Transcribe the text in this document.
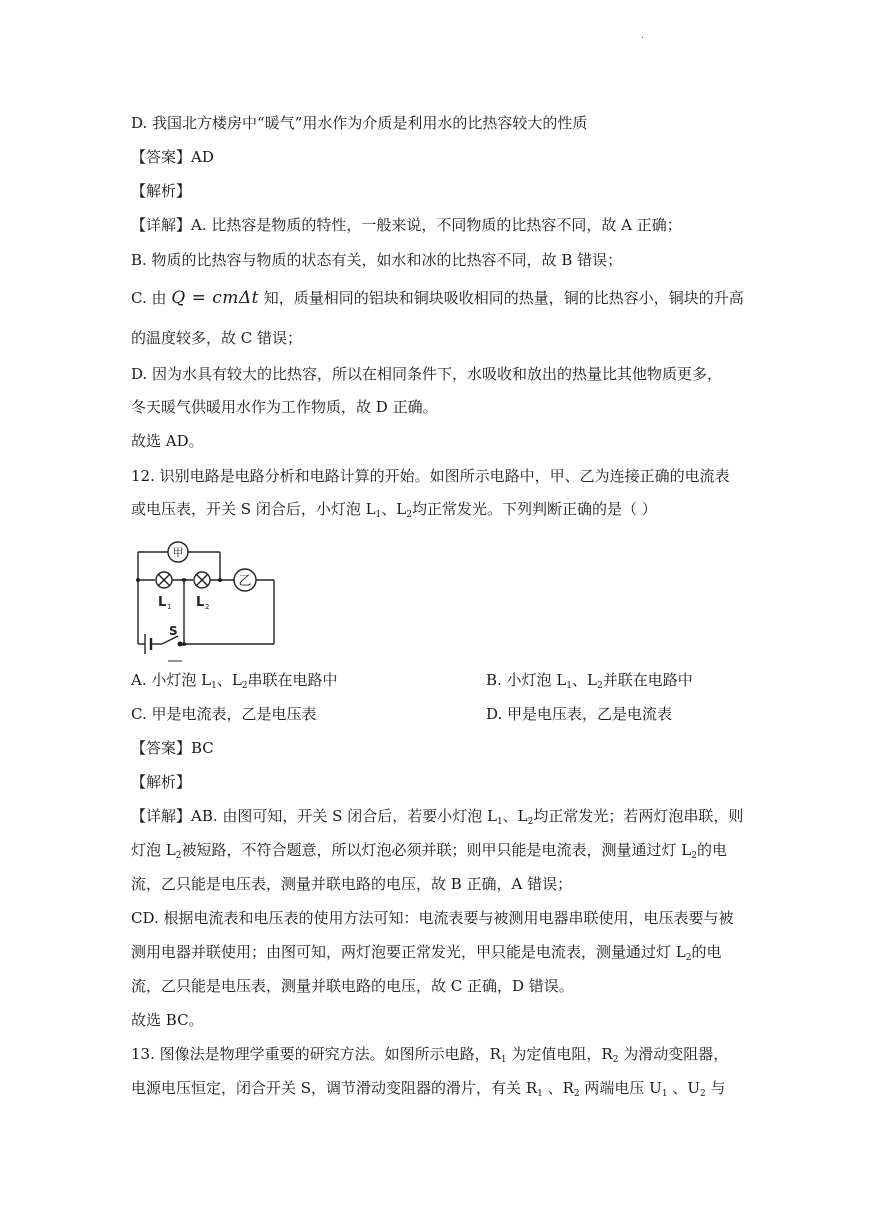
.
D. 我国北方楼房中“暖气”用水作为介质是利用水的比热容较大的性质
【答案】AD
【解析】
【详解】A. 比热容是物质的特性，一般来说，不同物质的比热容不同，故 A 正确；
B. 物质的比热容与物质的状态有关，如水和冰的比热容不同，故 B 错误；
C. 由 Q = cmΔt 知，质量相同的铝块和铜块吸收相同的热量，铜的比热容小，铜块的升高
的温度较多，故 C 错误；
D. 因为水具有较大的比热容，所以在相同条件下，水吸收和放出的热量比其他物质更多，
冬天暖气供暖用水作为工作物质，故 D 正确。
故选 AD。
12. 识别电路是电路分析和电路计算的开始。如图所示电路中，甲、乙为连接正确的电流表
或电压表，开关 S 闭合后，小灯泡 $L_1$、$L_2$均正常发光。下列判断正确的是（ ）
甲
乙
L 1 L 2
S
A. 小灯泡 $L_1$、$L_2$串联在电路中	B. 小灯泡 $L_1$、$L_2$并联在电路中
C. 甲是电流表，乙是电压表	D. 甲是电压表，乙是电流表
【答案】BC
【解析】
【详解】AB. 由图可知，开关 S 闭合后，若要小灯泡 $L_1$、$L_2$均正常发光；若两灯泡串联，则
灯泡 $L_2$被短路，不符合题意，所以灯泡必须并联；则甲只能是电流表，测量通过灯 $L_2$的电
流，乙只能是电压表，测量并联电路的电压，故 B 正确，A 错误；
CD. 根据电流表和电压表的使用方法可知：电流表要与被测用电器串联使用，电压表要与被
测用电器并联使用；由图可知，两灯泡要正常发光，甲只能是电流表，测量通过灯 $L_2$的电
流，乙只能是电压表，测量并联电路的电压，故 C 正确，D 错误。
故选 BC。
13. 图像法是物理学重要的研究方法。如图所示电路，$R_1$ 为定值电阻，$R_2$ 为滑动变阻器，
电源电压恒定，闭合开关 S，调节滑动变阻器的滑片，有关 $R_1$ 、$R_2$ 两端电压 $U_1$ 、$U_2$ 与
